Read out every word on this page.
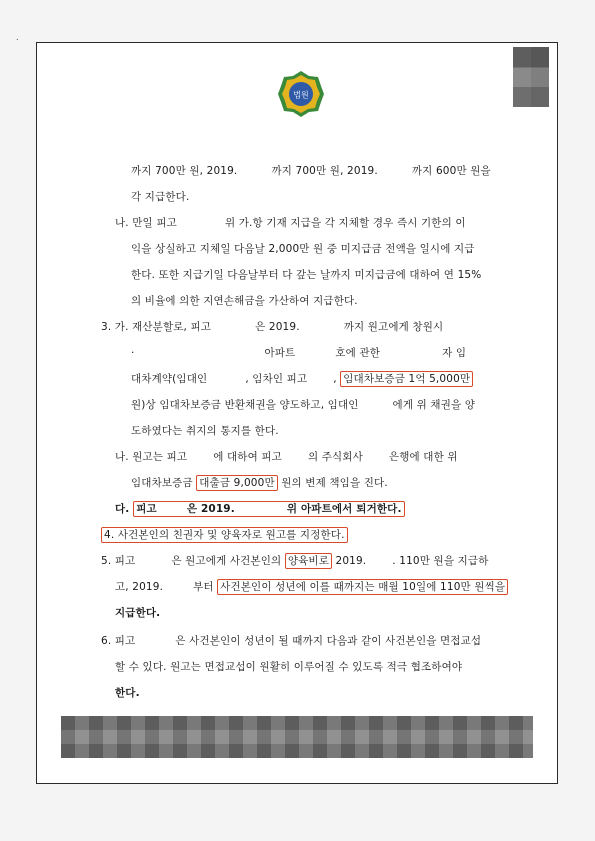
.
법원
까지 700만 원, 2019.	까지 700만 원, 2019.	까지 600만 원을
각 지급한다.
나. 만일 피고	위 가.항 기재 지급을 각 지체할 경우 즉시 기한의 이
익을 상실하고 지체일 다음날 2,000만 원 중 미지급금 전액을 일시에 지급
한다. 또한 지급기일 다음날부터 다 갚는 날까지 미지급금에 대하여 연 15%
의 비율에 의한 지연손해금을 가산하여 지급한다.
3. 가. 재산분할로, 피고	은 2019.	까지 원고에게 창원시
·	아파트	호에 관한	자 임
대차계약(임대인	, 임차인 피고 , 임대차보증금 1억 5,000만
원)상 임대차보증금 반환채권을 양도하고, 임대인	에게 위 채권을 양
도하였다는 취지의 통지를 한다.
나. 원고는 피고 에 대하여 피고 의 주식회사 은행에 대한 위
임대차보증금 대출금 9,000만 원의 변제 책임을 진다.
다. 피고	은 2019.	위 아파트에서 퇴거한다.
4. 사건본인의 친권자 및 양육자로 원고를 지정한다.
5. 피고	은 원고에게 사건본인의 양육비로 2019. . 110만 원을 지급하
고, 2019.	부터 사건본인이 성년에 이를 때까지는 매월 10일에 110만 원씩을
지급한다.
6. 피고	은 사건본인이 성년이 될 때까지 다음과 같이 사건본인을 면접교섭
할 수 있다. 원고는 면접교섭이 원활히 이루어질 수 있도록 적극 협조하여야
한다.
